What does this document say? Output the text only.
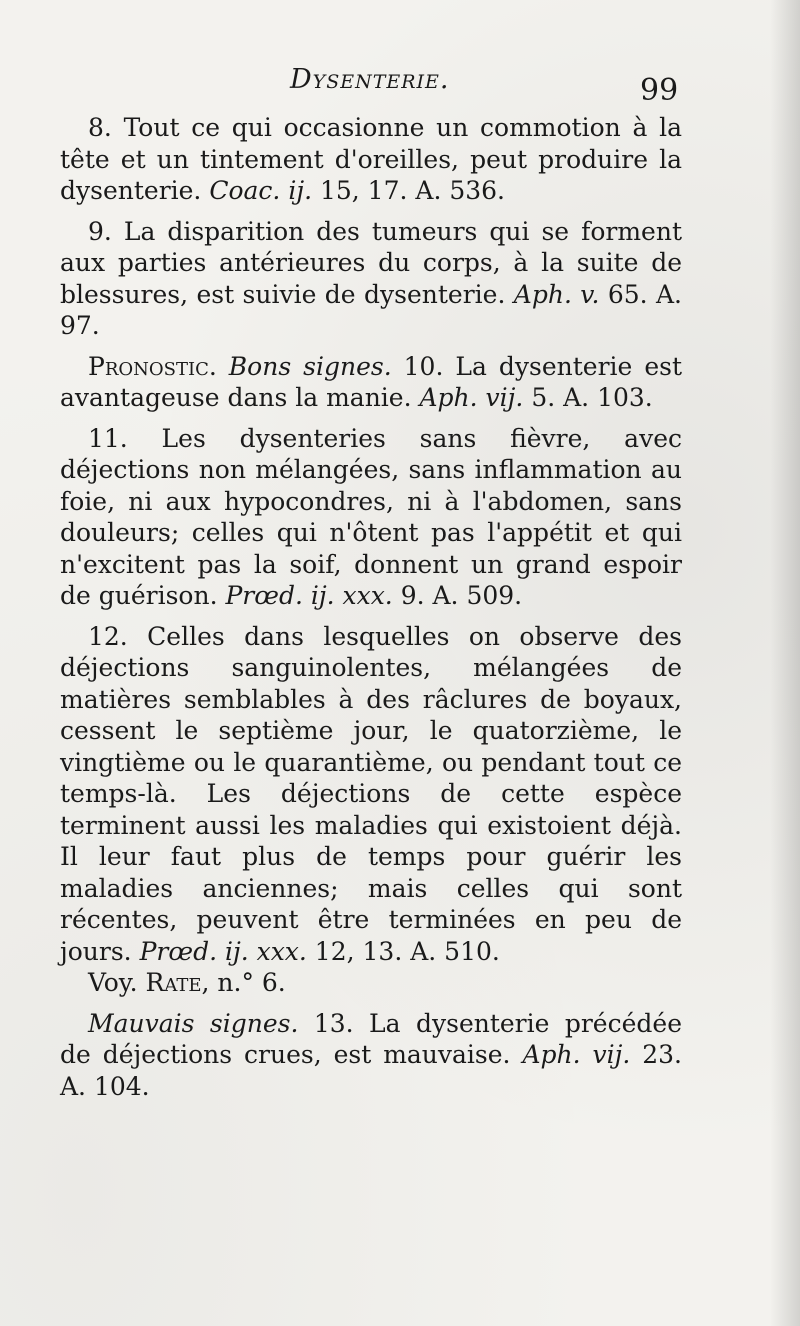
Dysenterie.	99

8. Tout ce qui occasionne un commotion à la tête et un tintement d'oreilles, peut produire la dysenterie. Coac. ij. 15, 17. A. 536.

9. La disparition des tumeurs qui se forment aux parties antérieures du corps, à la suite de blessures, est suivie de dysenterie. Aph. v. 65. A. 97.

Pronostic. Bons signes. 10. La dysenterie est avantageuse dans la manie. Aph. vij. 5. A. 103.

11. Les dysenteries sans fièvre, avec déjections non mélangées, sans inflammation au foie, ni aux hypocondres, ni à l'abdomen, sans douleurs; celles qui n'ôtent pas l'appétit et qui n'excitent pas la soif, donnent un grand espoir de guérison. Prœd. ij. xxx. 9. A. 509.

12. Celles dans lesquelles on observe des déjections sanguinolentes, mélangées de matières semblables à des râclures de boyaux, cessent le septième jour, le quatorzième, le vingtième ou le quarantième, ou pendant tout ce temps-là. Les déjections de cette espèce terminent aussi les maladies qui existoient déjà. Il leur faut plus de temps pour guérir les maladies anciennes; mais celles qui sont récentes, peuvent être terminées en peu de jours. Prœd. ij. xxx. 12, 13. A. 510.

Voy. Rate, n.° 6.

Mauvais signes. 13. La dysenterie précédée de déjections crues, est mauvaise. Aph. vij. 23. A. 104.
